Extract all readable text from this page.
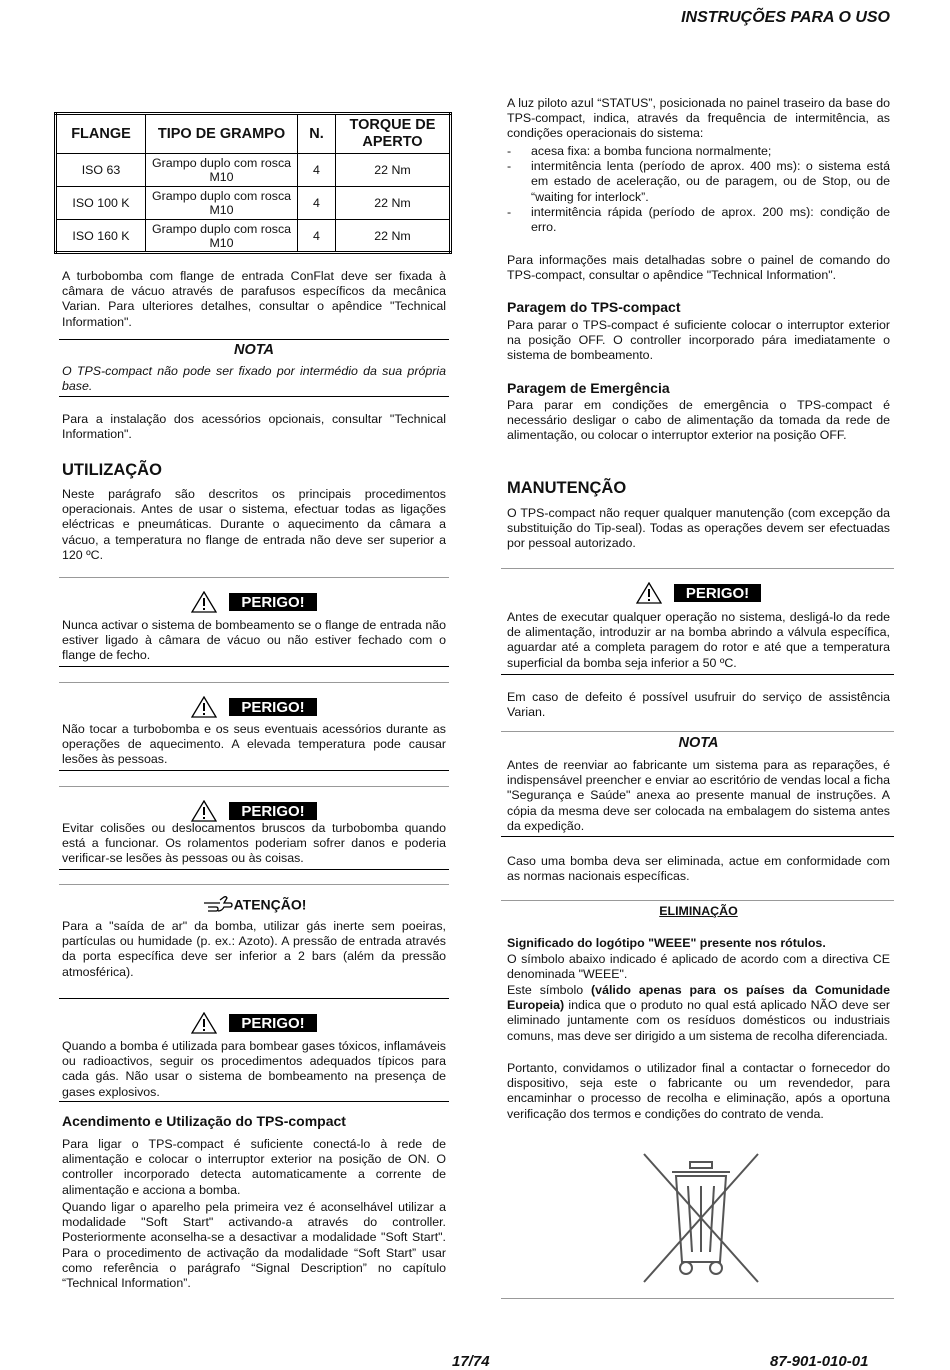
INSTRUÇÕES PARA O USO
FLANGE	TIPO DE GRAMPO	N.	TORQUE DE APERTO
ISO 63	Grampo duplo com rosca M10	4	22 Nm
ISO 100 K	Grampo duplo com rosca M10	4	22 Nm
ISO 160 K	Grampo duplo com rosca M10	4	22 Nm

A turbobomba com flange de entrada ConFlat deve ser fixada à câmara de vácuo através de parafusos específicos da mecânica Varian. Para ulteriores detalhes, consultar o apêndice "Technical Information".

NOTA

O TPS-compact não pode ser fixado por intermédio da sua própria base.

Para a instalação dos acessórios opcionais, consultar "Technical Information".

UTILIZAÇÃO

Neste parágrafo são descritos os principais procedimentos operacionais. Antes de usar o sistema, efectuar todas as ligações eléctricas e pneumáticas. Durante o aquecimento da câmara a vácuo, a temperatura no flange de entrada não deve ser superior a 120 ºC.

PERIGO!

Nunca activar o sistema de bombeamento se o flange de entrada não estiver ligado à câmara de vácuo ou não estiver fechado com o flange de fecho.

PERIGO!

Não tocar a turbobomba e os seus eventuais acessórios durante as operações de aquecimento. A elevada temperatura pode causar lesões às pessoas.

PERIGO!

Evitar colisões ou deslocamentos bruscos da turbobomba quando está a funcionar. Os rolamentos poderiam sofrer danos e poderia verificar-se lesões às pessoas ou às coisas.

ATENÇÃO!

Para a "saída de ar" da bomba, utilizar gás inerte sem poeiras, partículas ou humidade (p. ex.: Azoto). A pressão de entrada através da porta específica deve ser inferior a 2 bars (além da pressão atmosférica).

PERIGO!

Quando a bomba é utilizada para bombear gases tóxicos, inflamáveis ou radioactivos, seguir os procedimentos adequados típicos para cada gás. Não usar o sistema de bombeamento na presença de gases explosivos.

Acendimento e Utilização do TPS-compact

Para ligar o TPS-compact é suficiente conectá-lo à rede de alimentação e colocar o interruptor exterior na posição de ON. O controller incorporado detecta automaticamente a corrente de alimentação e acciona a bomba.

Quando ligar o aparelho pela primeira vez é aconselhável utilizar a modalidade "Soft Start" activando-a através do controller. Posteriormente aconselha-se a desactivar a modalidade "Soft Start". Para o procedimento de activação da modalidade “Soft Start” usar como referência o parágrafo “Signal Description” no capítulo “Technical Information”.

A luz piloto azul “STATUS”, posicionada no painel traseiro da base do TPS-compact, indica, através da frequência de intermitência, as condições operacionais do sistema:

- acesa fixa: a bomba funciona normalmente;
- intermitência lenta (período de aprox. 400 ms): o sistema está em estado de aceleração, ou de paragem, ou de Stop, ou de “waiting for interlock”.
- intermitência rápida (período de aprox. 200 ms): condição de erro.

Para informações mais detalhadas sobre o painel de comando do TPS-compact, consultar o apêndice "Technical Information".

Paragem do TPS-compact

Para parar o TPS-compact é suficiente colocar o interruptor exterior na posição OFF. O controller incorporado pára imediatamente o sistema de bombeamento.

Paragem de Emergência

Para parar em condições de emergência o TPS-compact é necessário desligar o cabo de alimentação da tomada da rede de alimentação, ou colocar o interruptor exterior na posição OFF.

MANUTENÇÃO

O TPS-compact não requer qualquer manutenção (com excepção da substituição do Tip-seal). Todas as operações devem ser efectuadas por pessoal autorizado.

PERIGO!

Antes de executar qualquer operação no sistema, desligá-lo da rede de alimentação, introduzir ar na bomba abrindo a válvula específica, aguardar até a completa paragem do rotor e até que a temperatura superficial da bomba seja inferior a 50 ºC.

Em caso de defeito é possível usufruir do serviço de assistência Varian.

NOTA

Antes de reenviar ao fabricante um sistema para as reparações, é indispensável preencher e enviar ao escritório de vendas local a ficha "Segurança e Saúde" anexa ao presente manual de instruções. A cópia da mesma deve ser colocada na embalagem do sistema antes da expedição.

Caso uma bomba deva ser eliminada, actue em conformidade com as normas nacionais específicas.

ELIMINAÇÃO
Significado do logótipo "WEEE" presente nos rótulos.

O símbolo abaixo indicado é aplicado de acordo com a directiva CE denominada "WEEE".

Este símbolo (válido apenas para os países da Comunidade Europeia) indica que o produto no qual está aplicado NÃO deve ser eliminado juntamente com os resíduos domésticos ou industriais comuns, mas deve ser dirigido a um sistema de recolha diferenciada.

Portanto, convidamos o utilizador final a contactar o fornecedor do dispositivo, seja este o fabricante ou um revendedor, para encaminhar o processo de recolha e eliminação, após a oportuna verificação dos termos e condições do contrato de venda.

17/74	87-901-010-01
